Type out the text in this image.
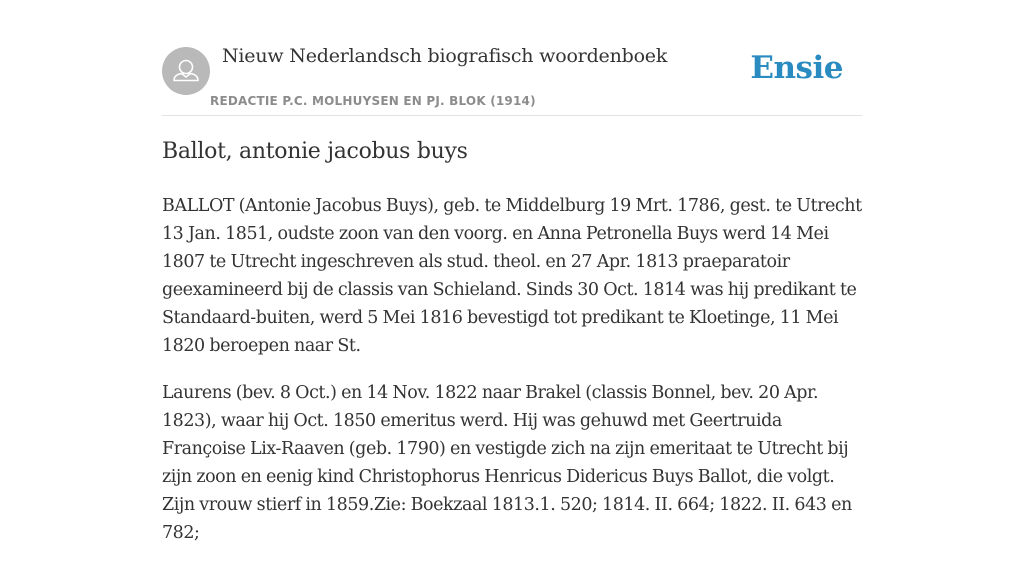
Nieuw Nederlandsch biografisch woordenboek
REDACTIE P.C. MOLHUYSEN EN PJ. BLOK (1914)
Ensie
Ballot, antonie jacobus buys

BALLOT (Antonie Jacobus Buys), geb. te Middelburg 19 Mrt. 1786, gest. te Utrecht 13 Jan. 1851, oudste zoon van den voorg. en Anna Petronella Buys werd 14 Mei 1807 te Utrecht ingeschreven als stud. theol. en 27 Apr. 1813 praeparatoir geexamineerd bij de classis van Schieland. Sinds 30 Oct. 1814 was hij predikant te Standaard-buiten, werd 5 Mei 1816 bevestigd tot predikant te Kloetinge, 11 Mei 1820 beroepen naar St.

Laurens (bev. 8 Oct.) en 14 Nov. 1822 naar Brakel (classis Bonnel, bev. 20 Apr. 1823), waar hij Oct. 1850 emeritus werd. Hij was gehuwd met Geertruida Françoise Lix-Raaven (geb. 1790) en vestigde zich na zijn emeritaat te Utrecht bij zijn zoon en eenig kind Christophorus Henricus Didericus Buys Ballot, die volgt. Zijn vrouw stierf in 1859.Zie: Boekzaal 1813.1. 520; 1814. II. 664; 1822. II. 643 en 782;
